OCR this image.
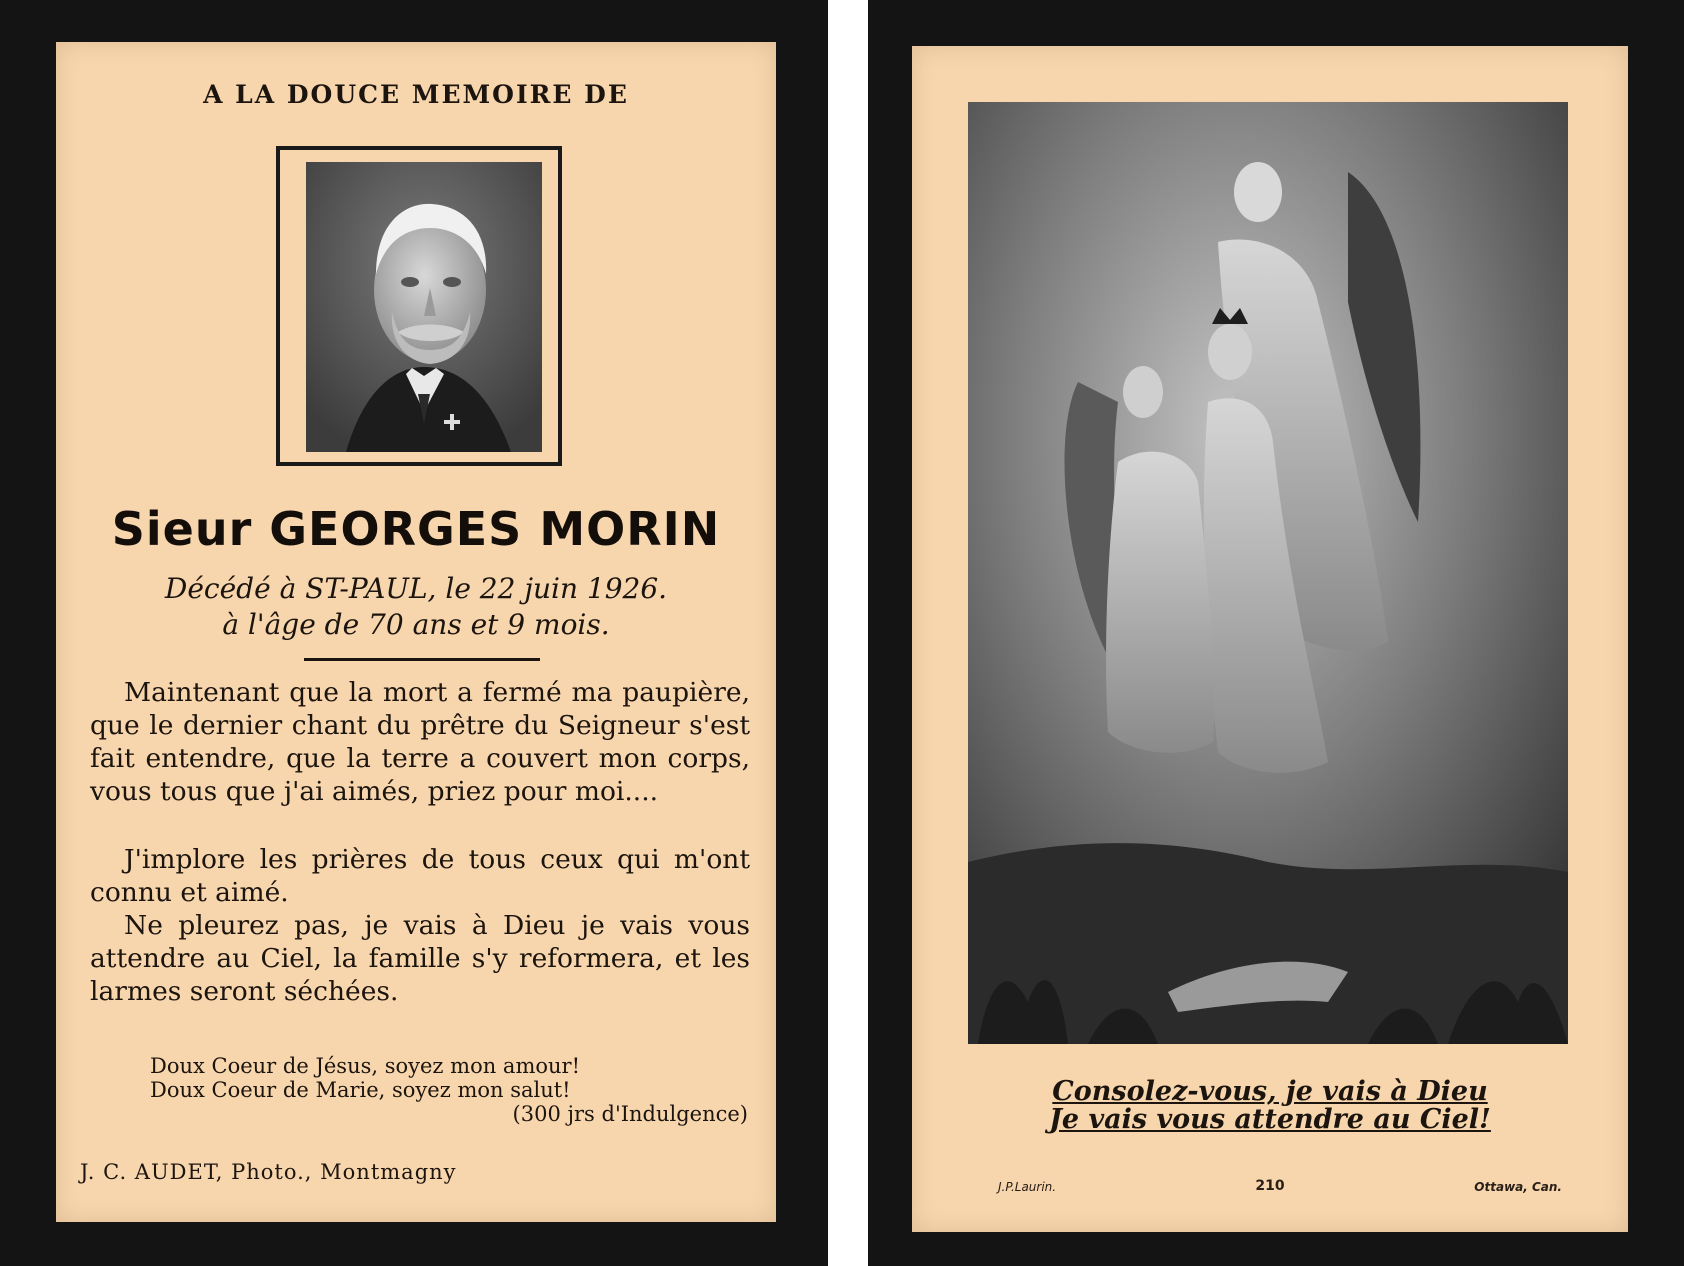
A LA DOUCE MEMOIRE DE
Sieur GEORGES MORIN
Décédé à ST-PAUL, le 22 juin 1926.
à l'âge de 70 ans et 9 mois.

Maintenant que la mort a fermé ma paupière, que le dernier chant du prêtre du Seigneur s'est fait entendre, que la terre a couvert mon corps, vous tous que j'ai aimés, priez pour moi....

J'implore les prières de tous ceux qui m'ont connu et aimé.

Ne pleurez pas, je vais à Dieu je vais vous attendre au Ciel, la famille s'y reformera, et les larmes seront séchées.

Doux Coeur de Jésus, soyez mon amour!
Doux Coeur de Marie, soyez mon salut!
(300 jrs d'Indulgence)
J. C. AUDET, Photo., Montmagny
Consolez-vous, je vais à Dieu
Je vais vous attendre au Ciel!
J.P.Laurin.	210	Ottawa, Can.
